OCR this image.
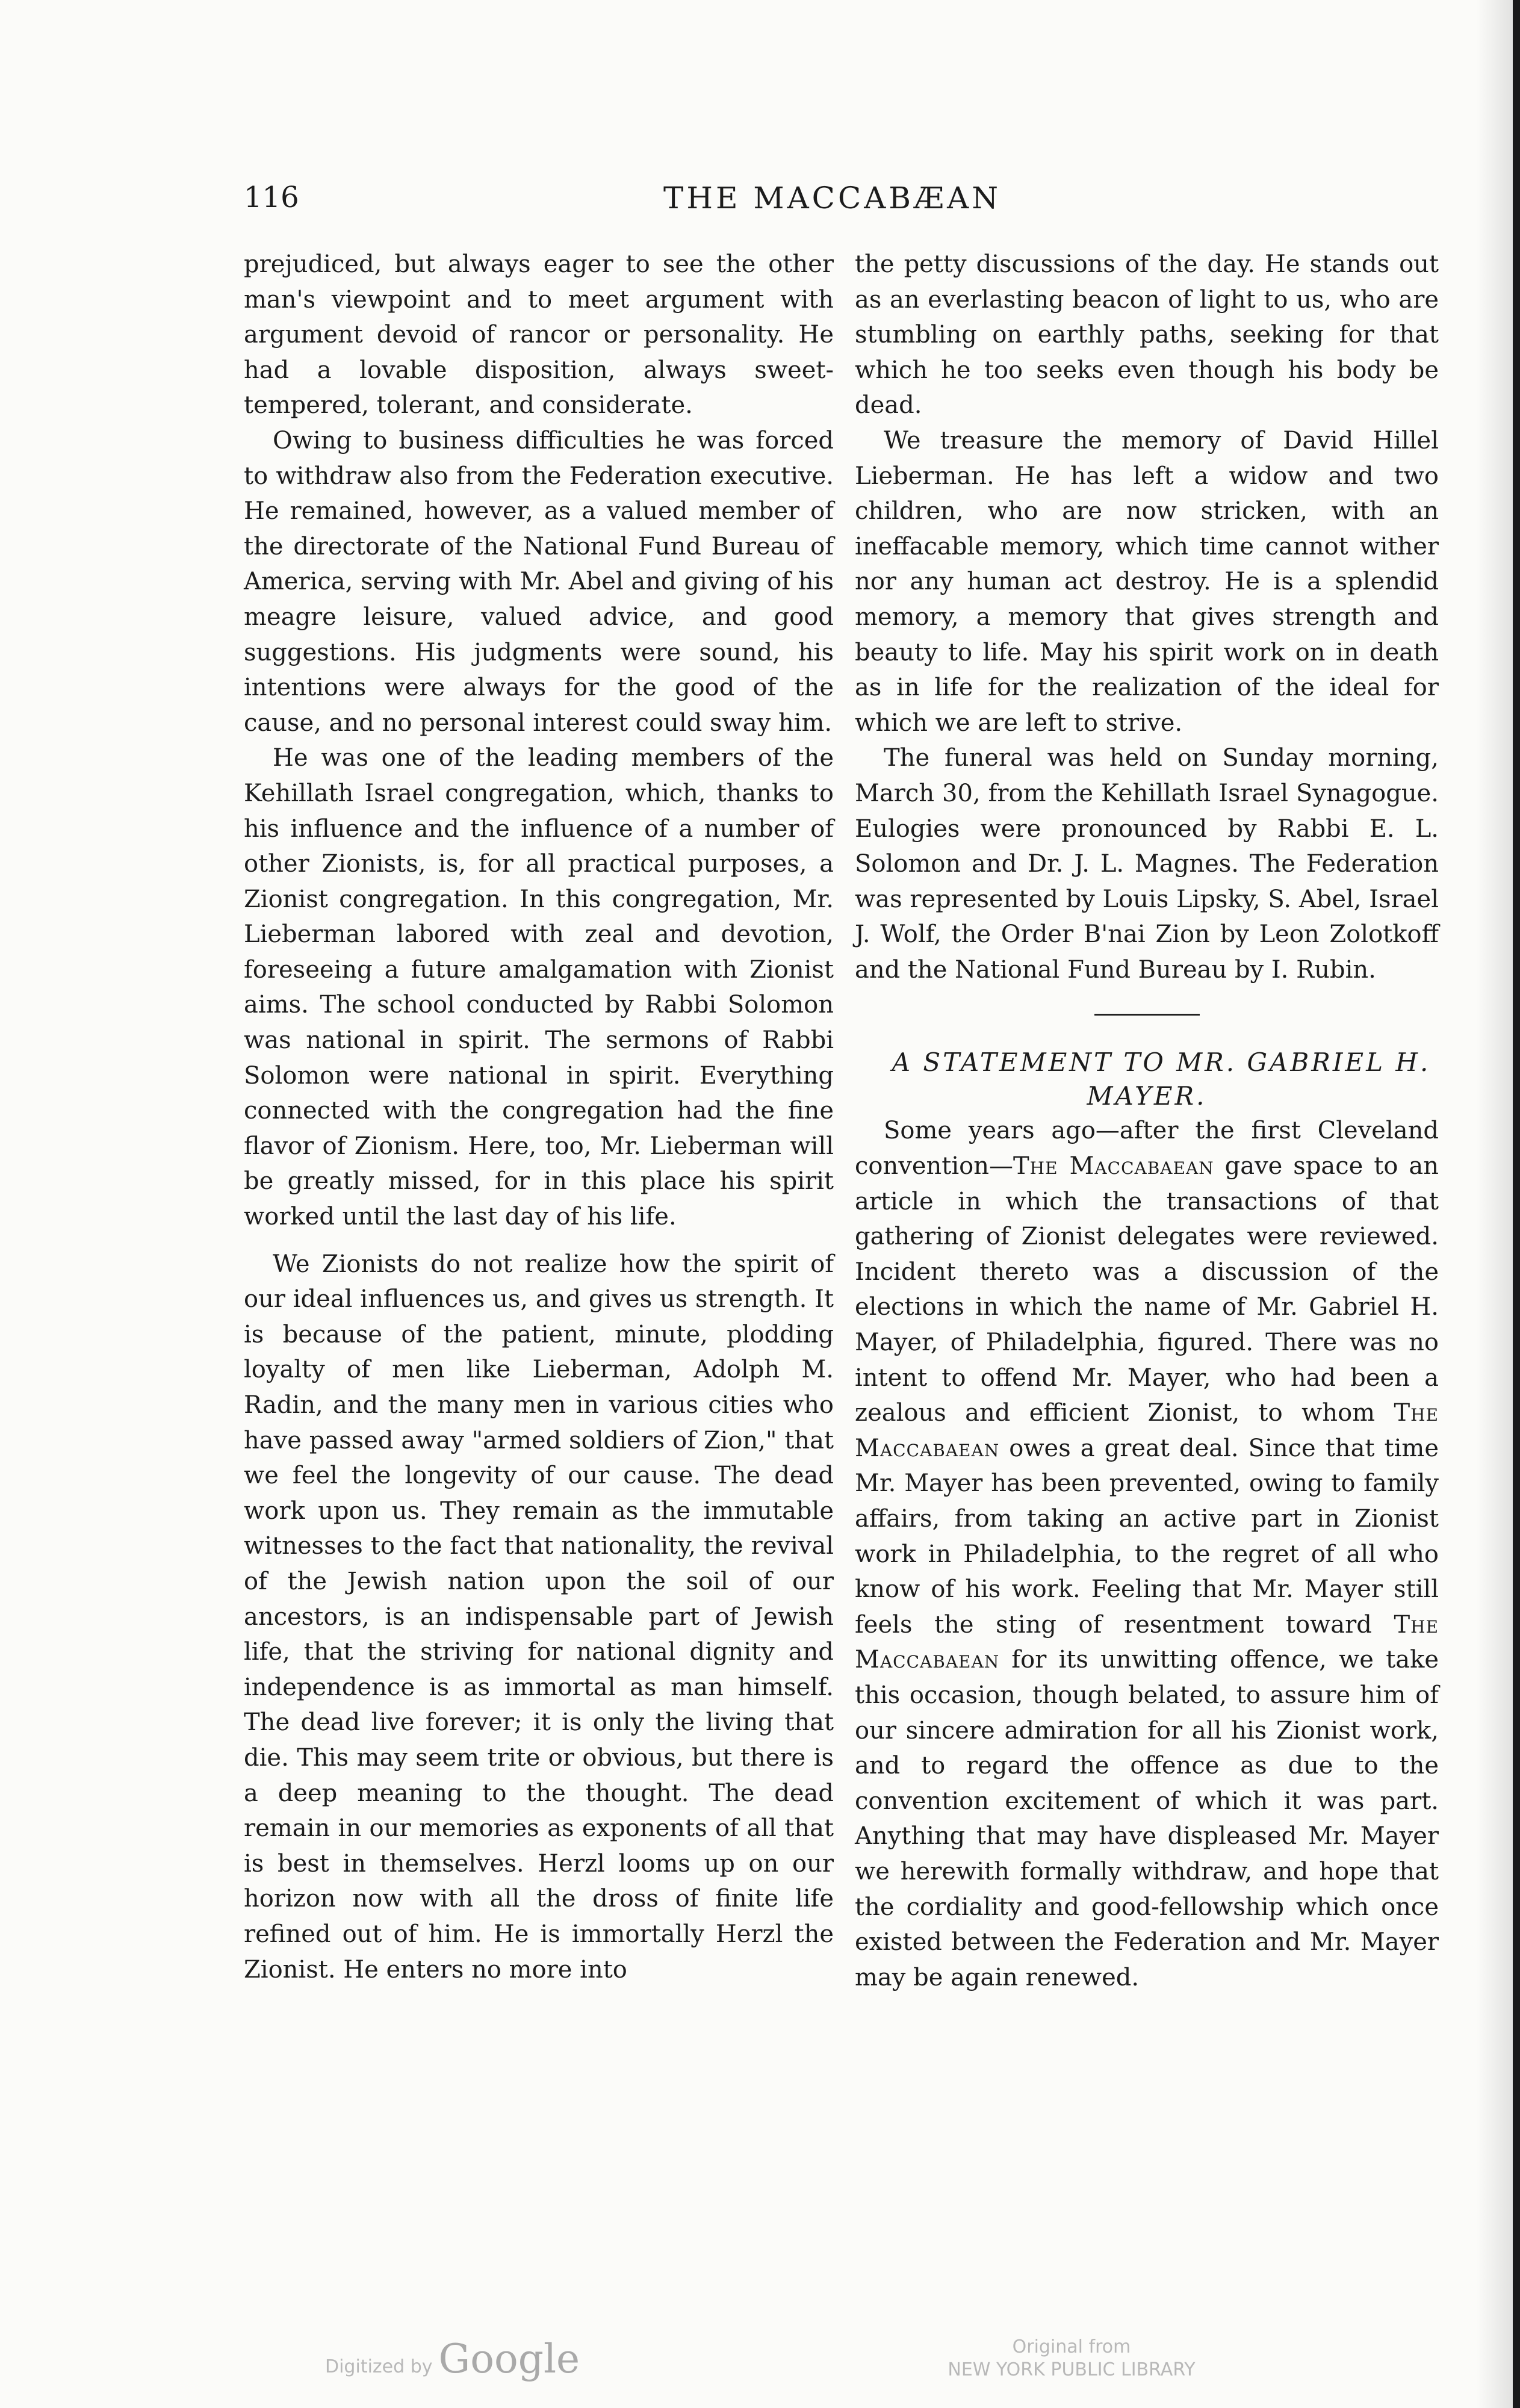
THE MACCABÆAN
116

prejudiced, but always eager to see the other man's viewpoint and to meet argument with argument devoid of rancor or personality. He had a lovable disposition, always sweet-tempered, tolerant, and considerate.

Owing to business difficulties he was forced to withdraw also from the Federation executive. He remained, however, as a valued member of the directorate of the National Fund Bureau of America, serving with Mr. Abel and giving of his meagre leisure, valued advice, and good suggestions. His judgments were sound, his intentions were always for the good of the cause, and no personal interest could sway him.

He was one of the leading members of the Kehillath Israel congregation, which, thanks to his influence and the influence of a number of other Zionists, is, for all practical purposes, a Zionist congregation. In this congregation, Mr. Lieberman labored with zeal and devotion, foreseeing a future amalgamation with Zionist aims. The school conducted by Rabbi Solomon was national in spirit. The sermons of Rabbi Solomon were national in spirit. Everything connected with the congregation had the fine flavor of Zionism. Here, too, Mr. Lieberman will be greatly missed, for in this place his spirit worked until the last day of his life.

We Zionists do not realize how the spirit of our ideal influences us, and gives us strength. It is because of the patient, minute, plodding loyalty of men like Lieberman, Adolph M. Radin, and the many men in various cities who have passed away "armed soldiers of Zion," that we feel the longevity of our cause. The dead work upon us. They remain as the immutable witnesses to the fact that nationality, the revival of the Jewish nation upon the soil of our ancestors, is an indispensable part of Jewish life, that the striving for national dignity and independence is as immortal as man himself. The dead live forever; it is only the living that die. This may seem trite or obvious, but there is a deep meaning to the thought. The dead remain in our memories as exponents of all that is best in themselves. Herzl looms up on our horizon now with all the dross of finite life refined out of him. He is immortally Herzl the Zionist. He enters no more into

the petty discussions of the day. He stands out as an everlasting beacon of light to us, who are stumbling on earthly paths, seeking for that which he too seeks even though his body be dead.

We treasure the memory of David Hillel Lieberman. He has left a widow and two children, who are now stricken, with an ineffacable memory, which time cannot wither nor any human act destroy. He is a splendid memory, a memory that gives strength and beauty to life. May his spirit work on in death as in life for the realization of the ideal for which we are left to strive.

The funeral was held on Sunday morning, March 30, from the Kehillath Israel Synagogue. Eulogies were pronounced by Rabbi E. L. Solomon and Dr. J. L. Magnes. The Federation was represented by Louis Lipsky, S. Abel, Israel J. Wolf, the Order B'nai Zion by Leon Zolotkoff and the National Fund Bureau by I. Rubin.

A STATEMENT TO MR. GABRIEL H. MAYER.

Some years ago—after the first Cleveland convention—The Maccabaean gave space to an article in which the transactions of that gathering of Zionist delegates were reviewed. Incident thereto was a discussion of the elections in which the name of Mr. Gabriel H. Mayer, of Philadelphia, figured. There was no intent to offend Mr. Mayer, who had been a zealous and efficient Zionist, to whom The Maccabaean owes a great deal. Since that time Mr. Mayer has been prevented, owing to family affairs, from taking an active part in Zionist work in Philadelphia, to the regret of all who know of his work. Feeling that Mr. Mayer still feels the sting of resentment toward The Maccabaean for its unwitting offence, we take this occasion, though belated, to assure him of our sincere admiration for all his Zionist work, and to regard the offence as due to the convention excitement of which it was part. Anything that may have displeased Mr. Mayer we herewith formally withdraw, and hope that the cordiality and good-fellowship which once existed between the Federation and Mr. Mayer may be again renewed.

Digitized by Google	Original from
NEW YORK PUBLIC LIBRARY
